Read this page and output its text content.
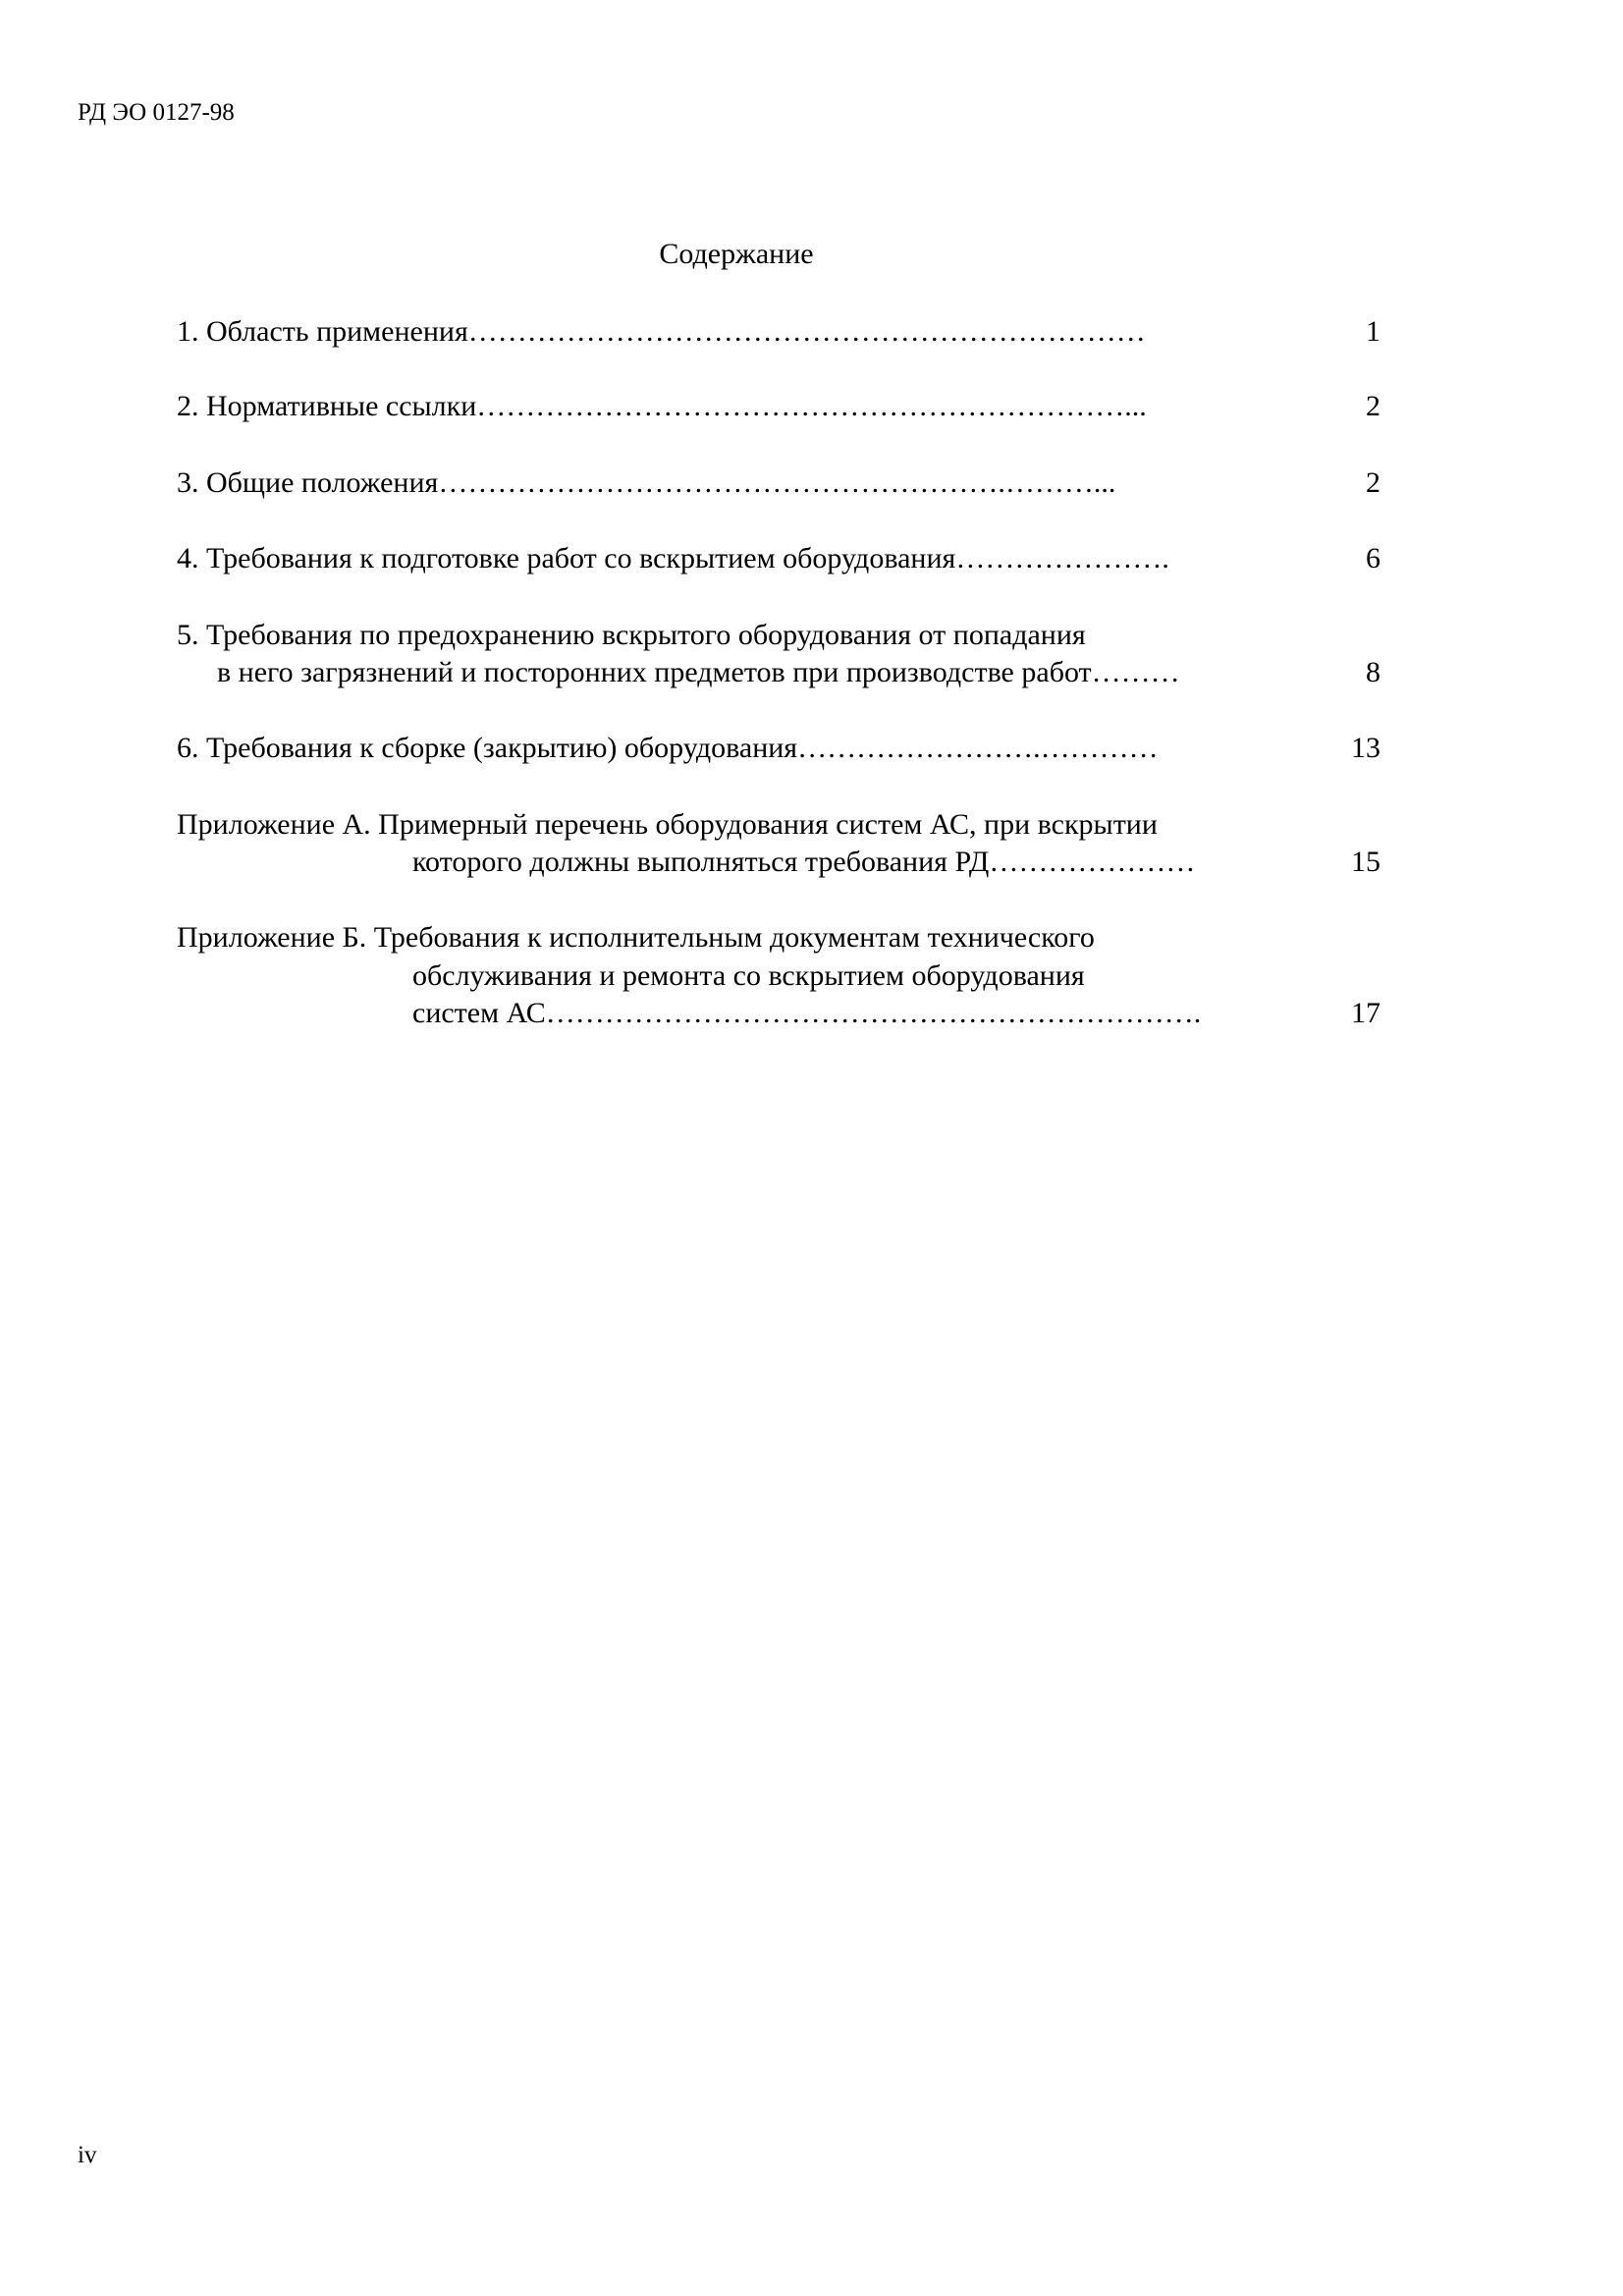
РД ЭО 0127-98
Содержание
1. Область применения……………………………………………………………	1
2. Нормативные ссылки…………………………………………………………...	2
3. Общие положения………………………………………………….………...	2
4. Требования к подготовке работ со вскрытием оборудования………………….	6
5. Требования по предохранению вскрытого оборудования от попадания
в него загрязнений и посторонних предметов при производстве работ………	8
6. Требования к сборке (закрытию) оборудования…………………….…………	13
Приложение А. Примерный перечень оборудования систем АС, при вскрытии
которого должны выполняться требования РД…………………	15
Приложение Б. Требования к исполнительным документам технического
обслуживания и ремонта со вскрытием оборудования
систем АС………………………………………………………….	17
iv
